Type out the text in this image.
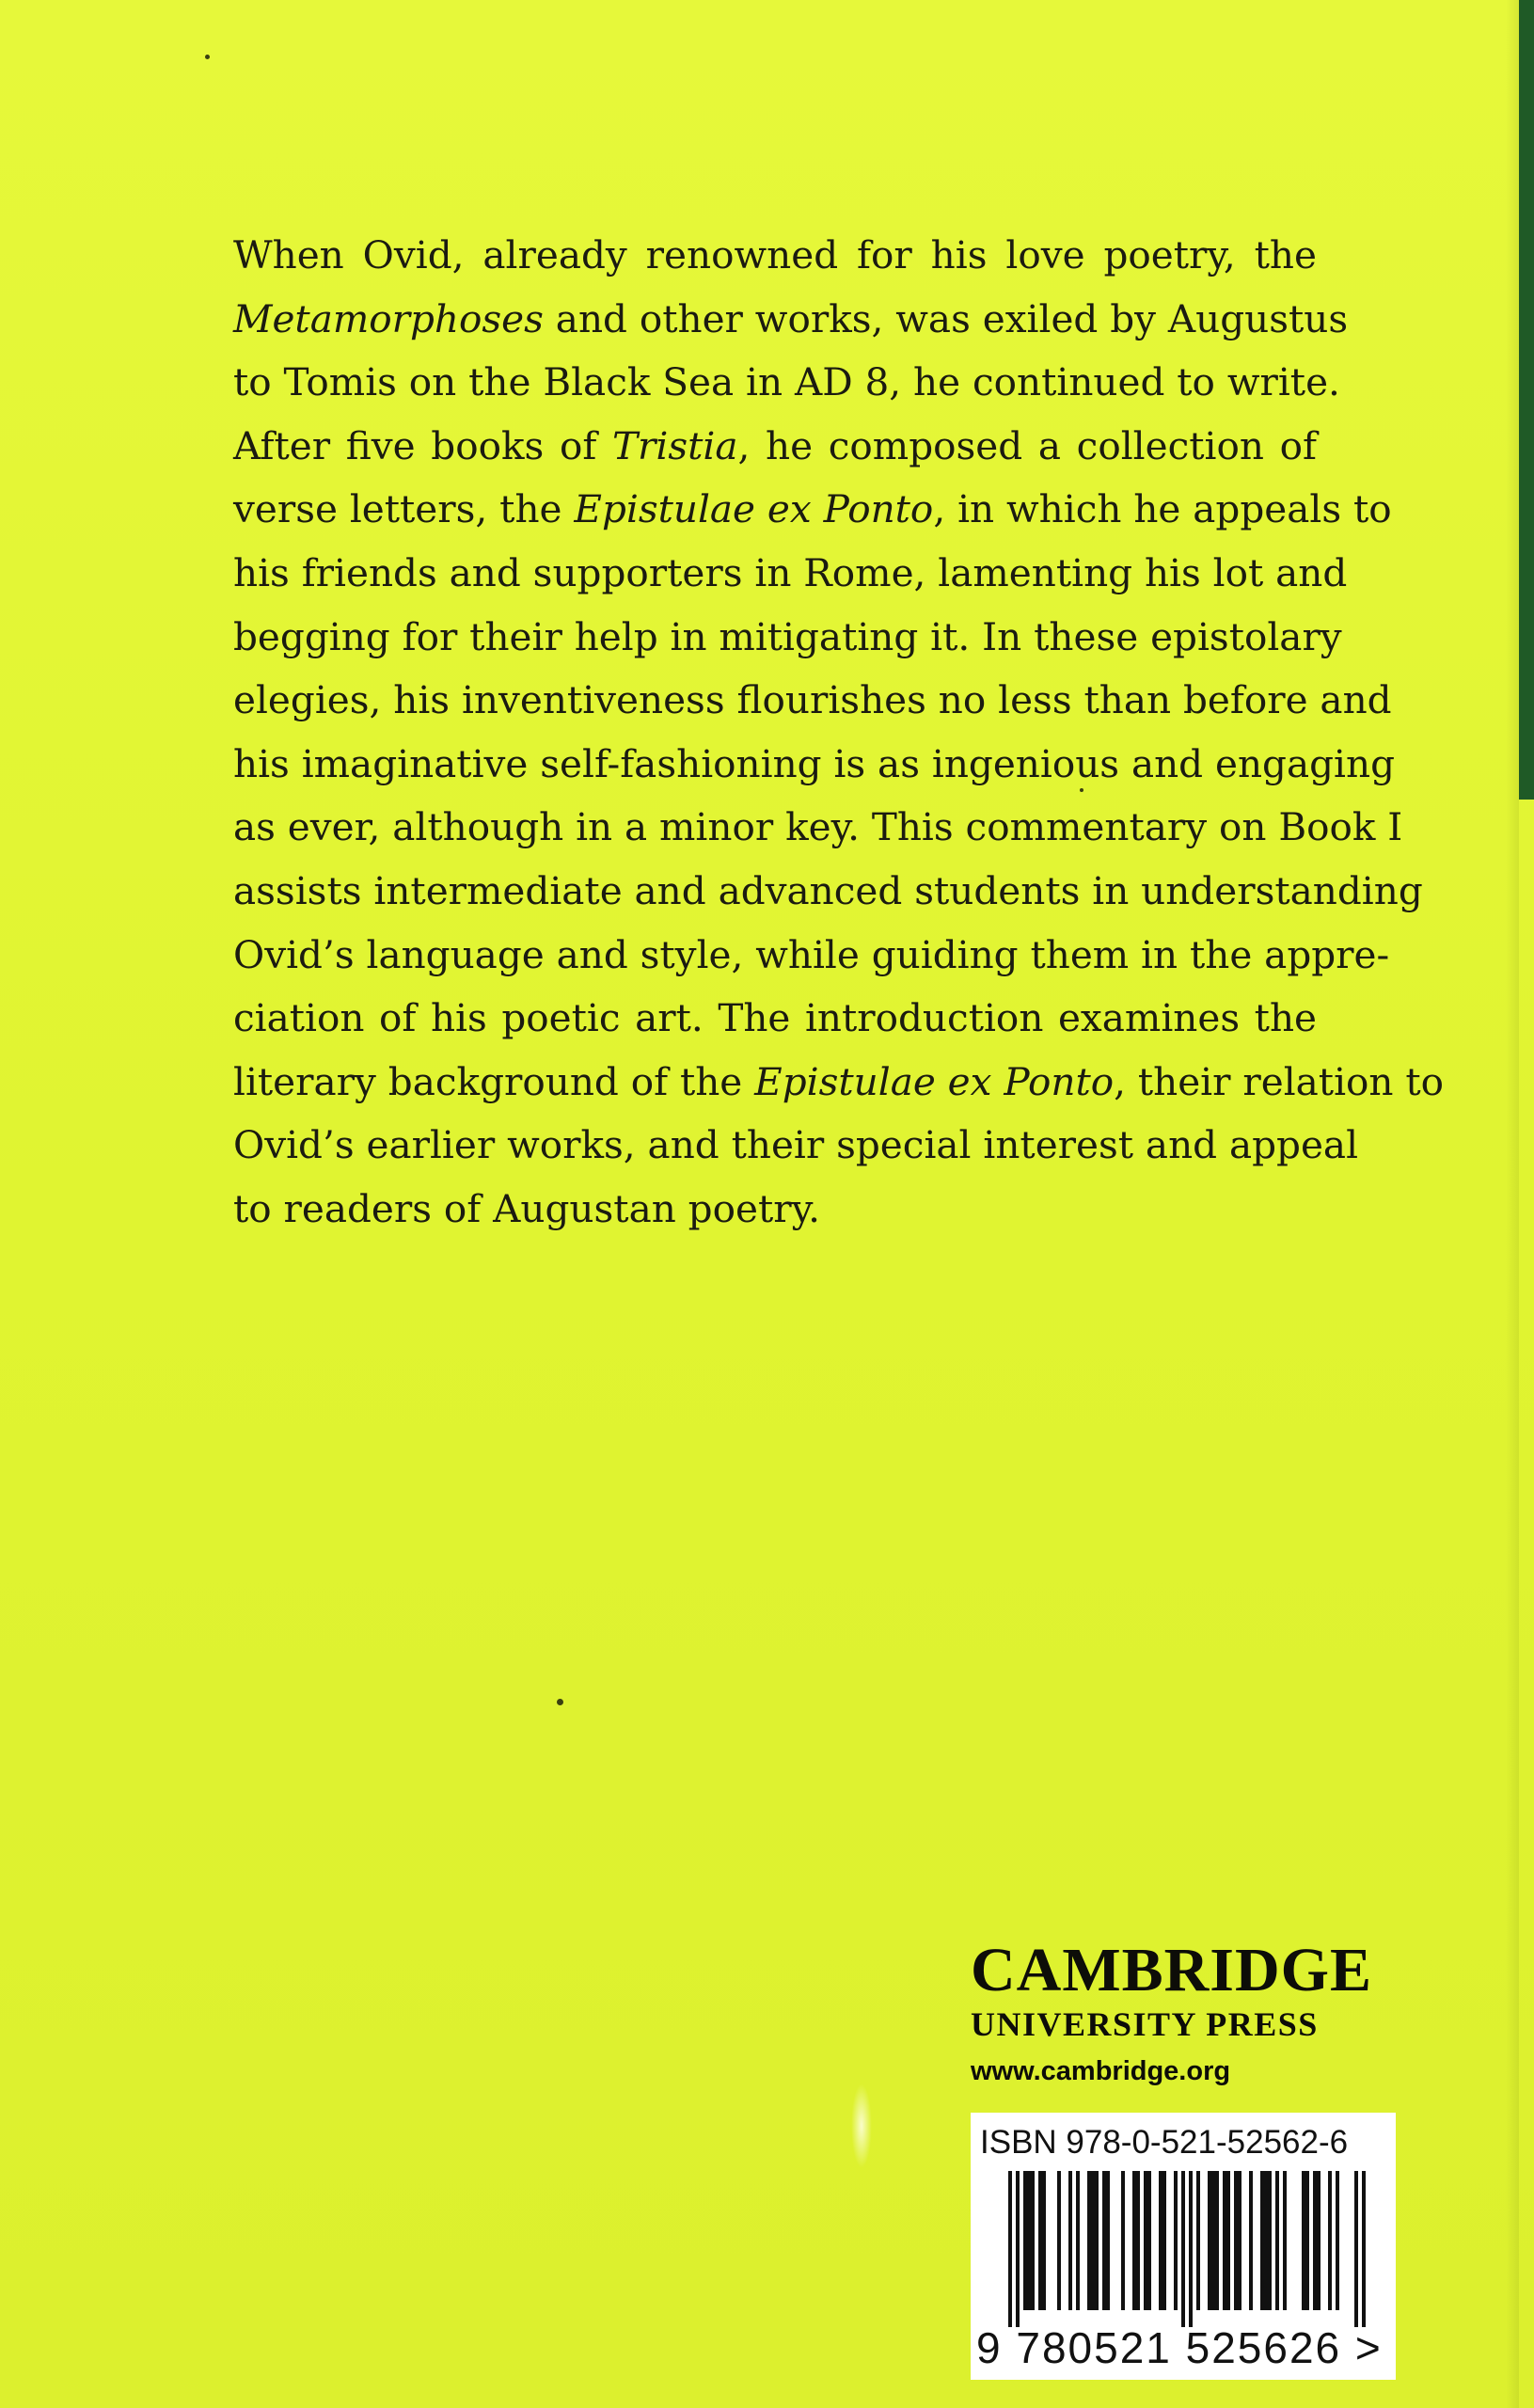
When Ovid, already renowned for his love poetry, the
Metamorphoses and other works, was exiled by Augustus
to Tomis on the Black Sea in AD 8, he continued to write.
After five books of Tristia, he composed a collection of
verse letters, the Epistulae ex Ponto, in which he appeals to
his friends and supporters in Rome, lamenting his lot and
begging for their help in mitigating it. In these epistolary
elegies, his inventiveness flourishes no less than before and
his imaginative self-fashioning is as ingenious and engaging
as ever, although in a minor key. This commentary on Book I
assists intermediate and advanced students in understanding
Ovid’s language and style, while guiding them in the appre-
ciation of his poetic art. The introduction examines the
literary background of the Epistulae ex Ponto, their relation to
Ovid’s earlier works, and their special interest and appeal
to readers of Augustan poetry.
CAMBRIDGE
UNIVERSITY PRESS
www.cambridge.org
ISBN 978-0-521-52562-6
9 780521 525626 >
